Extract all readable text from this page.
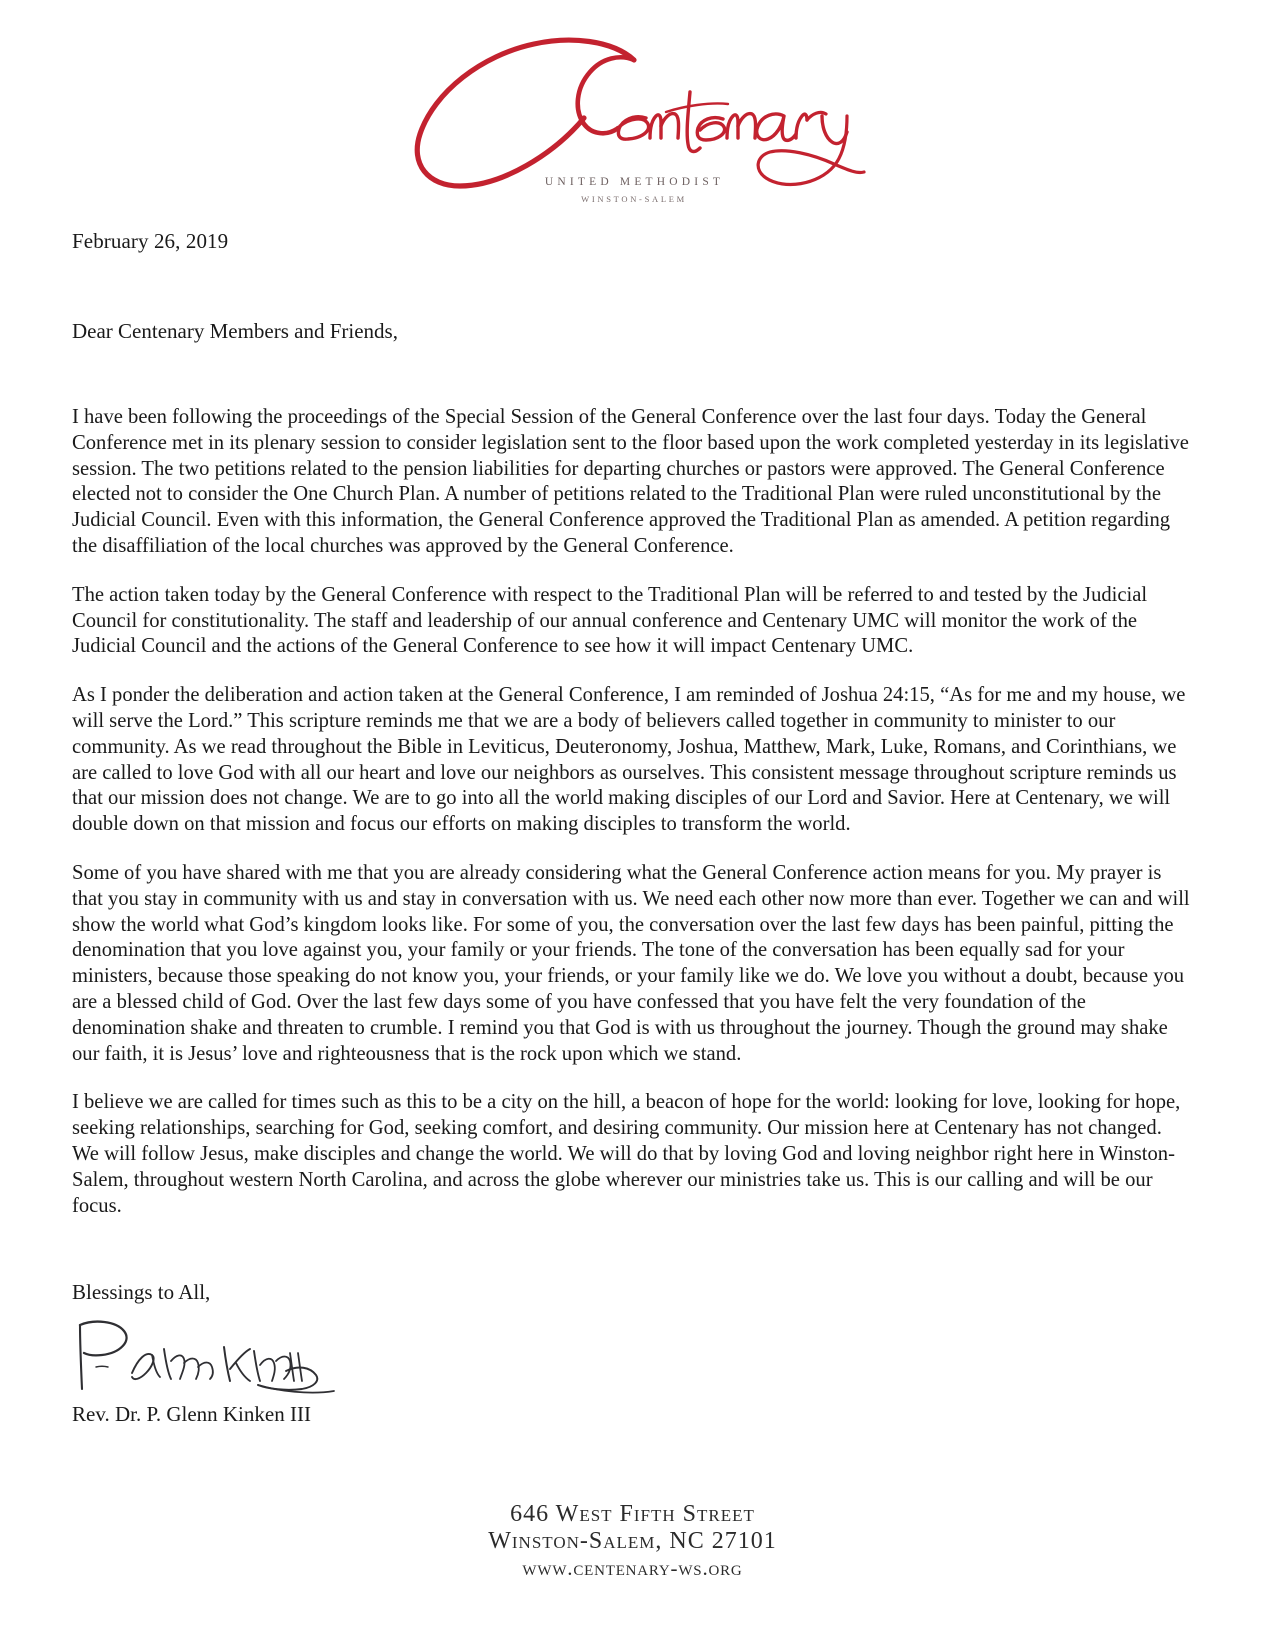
UNITED METHODIST
WINSTON-SALEM

February 26, 2019

Dear Centenary Members and Friends,

I have been following the proceedings of the Special Session of the General Conference over the last four days. Today the General Conference met in its plenary session to consider legislation sent to the floor based upon the work completed yesterday in its legislative session. The two petitions related to the pension liabilities for departing churches or pastors were approved. The General Conference elected not to consider the One Church Plan. A number of petitions related to the Traditional Plan were ruled unconstitutional by the Judicial Council. Even with this information, the General Conference approved the Traditional Plan as amended. A petition regarding the disaffiliation of the local churches was approved by the General Conference.

The action taken today by the General Conference with respect to the Traditional Plan will be referred to and tested by the Judicial Council for constitutionality. The staff and leadership of our annual conference and Centenary UMC will monitor the work of the Judicial Council and the actions of the General Conference to see how it will impact Centenary UMC.

As I ponder the deliberation and action taken at the General Conference, I am reminded of Joshua 24:15, “As for me and my house, we will serve the Lord.” This scripture reminds me that we are a body of believers called together in community to minister to our community. As we read throughout the Bible in Leviticus, Deuteronomy, Joshua, Matthew, Mark, Luke, Romans, and Corinthians, we are called to love God with all our heart and love our neighbors as ourselves. This consistent message throughout scripture reminds us that our mission does not change. We are to go into all the world making disciples of our Lord and Savior. Here at Centenary, we will double down on that mission and focus our efforts on making disciples to transform the world.

Some of you have shared with me that you are already considering what the General Conference action means for you. My prayer is that you stay in community with us and stay in conversation with us. We need each other now more than ever. Together we can and will show the world what God’s kingdom looks like. For some of you, the conversation over the last few days has been painful, pitting the denomination that you love against you, your family or your friends. The tone of the conversation has been equally sad for your ministers, because those speaking do not know you, your friends, or your family like we do. We love you without a doubt, because you are a blessed child of God. Over the last few days some of you have confessed that you have felt the very foundation of the denomination shake and threaten to crumble. I remind you that God is with us throughout the journey. Though the ground may shake our faith, it is Jesus’ love and righteousness that is the rock upon which we stand.

I believe we are called for times such as this to be a city on the hill, a beacon of hope for the world: looking for love, looking for hope, seeking relationships, searching for God, seeking comfort, and desiring community. Our mission here at Centenary has not changed. We will follow Jesus, make disciples and change the world. We will do that by loving God and loving neighbor right here in Winston-Salem, throughout western North Carolina, and across the globe wherever our ministries take us. This is our calling and will be our focus.

Blessings to All,

Rev. Dr. P. Glenn Kinken III

646 West Fifth Street
Winston-Salem, NC 27101
www.centenary-ws.org
